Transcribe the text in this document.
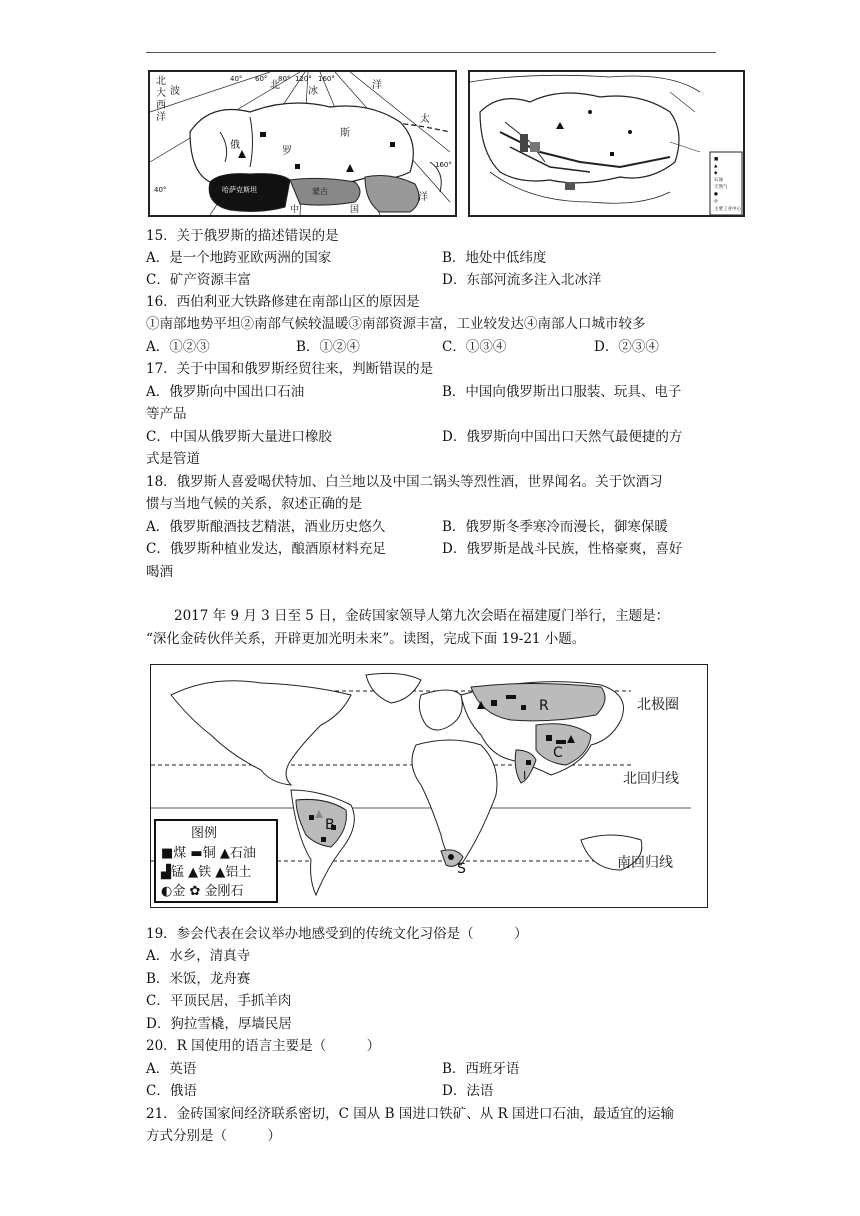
北
大
西
洋
波
北
冰
洋
俄
罗
斯
太
洋
哈萨克斯坦	蒙古
中	国
40° 60° 80° 120° 160°
40°
160°
■
▲
◆
石油
天然气
●
◎
主要工业中心
15．关于俄罗斯的描述错误的是
A．是一个地跨亚欧两洲的国家	B．地处中低纬度
C．矿产资源丰富	D．东部河流多注入北冰洋
16．西伯利亚大铁路修建在南部山区的原因是
①南部地势平坦②南部气候较温暖③南部资源丰富，工业较发达④南部人口城市较多
A．①②③	B．①②④	C．①③④	D．②③④
17．关于中国和俄罗斯经贸往来，判断错误的是
A．俄罗斯向中国出口石油	B．中国向俄罗斯出口服装、玩具、电子
等产品
C．中国从俄罗斯大量进口橡胶	D．俄罗斯向中国出口天然气最便捷的方
式是管道
18．俄罗斯人喜爱喝伏特加、白兰地以及中国二锅头等烈性酒，世界闻名。关于饮酒习
惯与当地气候的关系，叙述正确的是
A．俄罗斯酿酒技艺精湛，酒业历史悠久	B．俄罗斯冬季寒冷而漫长，御寒保暖
C．俄罗斯种植业发达，酿酒原材料充足	D．俄罗斯是战斗民族，性格豪爽，喜好
喝酒
2017 年 9 月 3 日至 5 日，金砖国家领导人第九次会晤在福建厦门举行，主题是：
“深化金砖伙伴关系，开辟更加光明未来”。读图，完成下面 19-21 小题。
北极圈
北回归线
南回归线
R
C
I
B
S
图例
■煤 ▬铜 ▲石油
▟锰 ▲铁 ▲铝土
◐金 ✿ 金刚石
19．参会代表在会议举办地感受到的传统文化习俗是（　　　）
A．水乡，清真寺
B．米饭，龙舟赛
C．平顶民居，手抓羊肉
D．狗拉雪橇，厚墙民居
20．R 国使用的语言主要是（　　　）
A．英语	B．西班牙语
C．俄语	D．法语
21．金砖国家间经济联系密切，C 国从 B 国进口铁矿、从 R 国进口石油，最适宜的运输
方式分别是（　　　）
